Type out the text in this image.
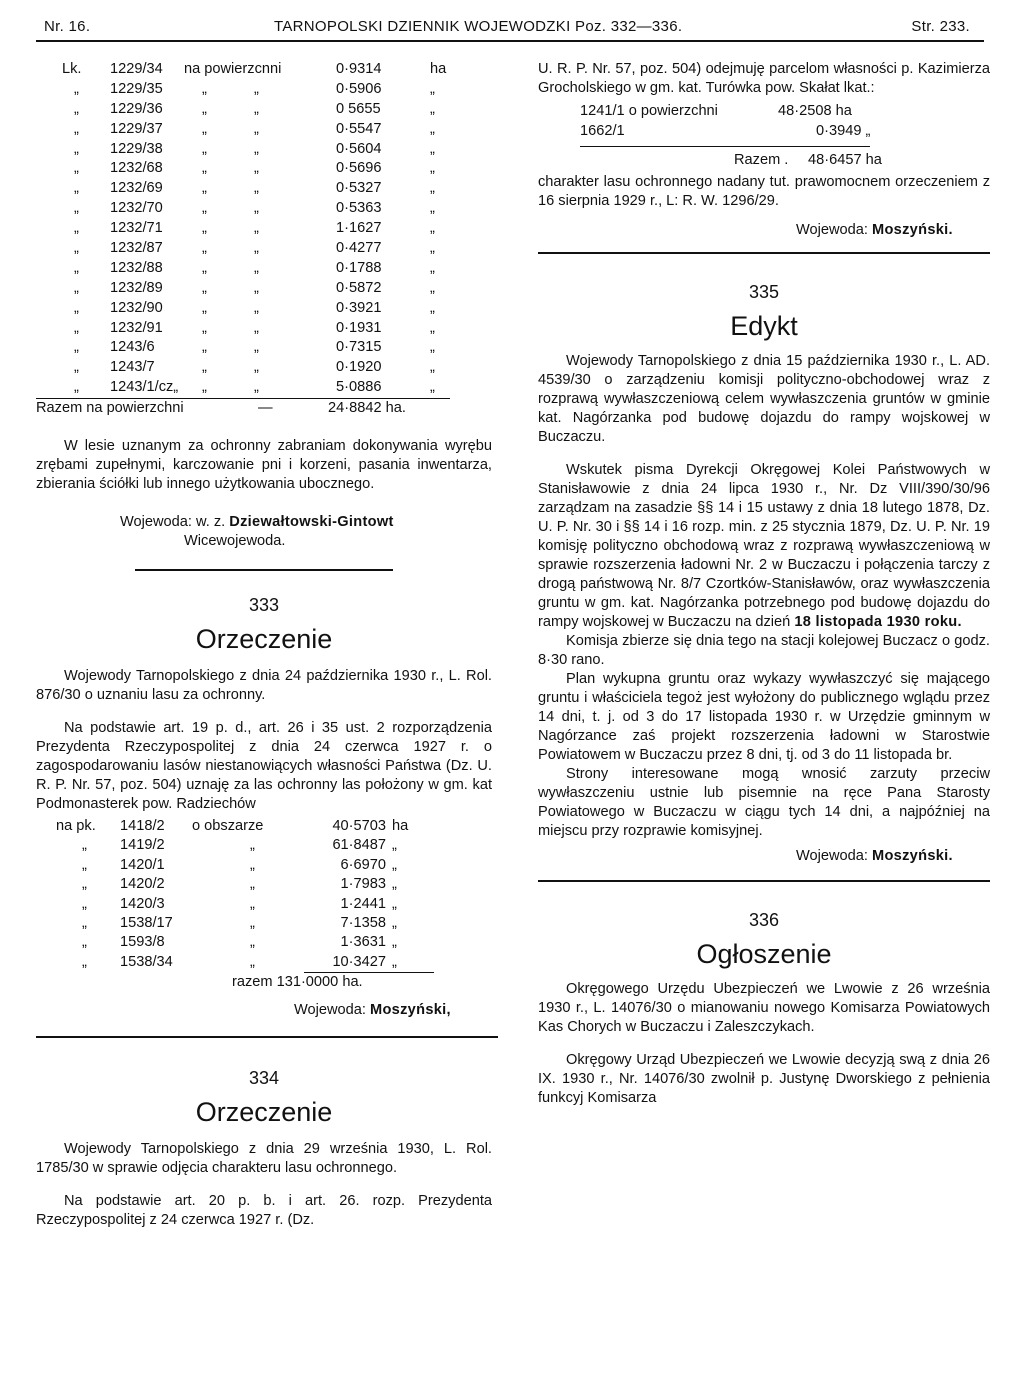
Nr. 16.	TARNOPOLSKI DZIENNIK WOJEWODZKI Poz. 332—336.	Str. 233.
Lk. 1229/34 na powierzcnni	0·9314	ha
„ 1229/35	„	„	0·5906	„
„ 1229/36	„	„	0 5655	„
„ 1229/37	„	„	0·5547	„
„ 1229/38	„	„	0·5604	„
„ 1232/68	„	„	0·5696	„
„ 1232/69	„	„	0·5327	„
„ 1232/70	„	„	0·5363	„
„ 1232/71	„	„	1·1627	„
„ 1232/87	„	„	0·4277	„
„ 1232/88	„	„	0·1788	„
„ 1232/89	„	„	0·5872	„
„ 1232/90	„	„	0·3921	„
„ 1232/91	„	„	0·1931	„
„ 1243/6	„	„	0·7315	„
„ 1243/7	„	„	0·1920	„
„ 1243/1/cz„ „	„	5·0886	„
Razem na powierzchni	—	24·8842 ha.

W lesie uznanym za ochronny zabraniam dokonywania wyrębu zrębami zupełnymi, karczowanie pni i korzeni, pasania inwentarza, zbierania ściółki lub innego użytkowania ubocznego.

Wojewoda: w. z. Dziewałtowski-Gintowt

Wicewojewoda.

333

Orzeczenie

Wojewody Tarnopolskiego z dnia 24 października 1930 r., L. Rol. 876/30 o uznaniu lasu za ochronny.

Na podstawie art. 19 p. d., art. 26 i 35 ust. 2 rozporządzenia Prezydenta Rzeczypospolitej z dnia 24 czerwca 1927 r. o zagospodarowaniu lasów niestanowiących własności Państwa (Dz. U. R. P. Nr. 57, poz. 504) uznaję za las ochronny las położony w gm. kat Podmonasterek pow. Radziechów

na pk. 1418/2 o obszarze	40·5703 ha
„ 1419/2	„	61·8487 „
„ 1420/1	„	6·6970 „
„ 1420/2	„	1·7983 „
„ 1420/3	„	1·2441 „
„ 1538/17	„	7·1358 „
„ 1593/8	„	1·3631 „
„ 1538/34	„	10·3427 „
razem 131·0000 ha.

Wojewoda: Moszyński,

334

Orzeczenie

Wojewody Tarnopolskiego z dnia 29 września 1930, L. Rol. 1785/30 w sprawie odjęcia charakteru lasu ochronnego.

Na podstawie art. 20 p. b. i art. 26. rozp. Prezydenta Rzeczypospolitej z 24 czerwca 1927 r. (Dz.

U. R. P. Nr. 57, poz. 504) odejmuję parcelom własności p. Kazimierza Grocholskiego w gm. kat. Turówka pow. Skałat lkat.:

1241/1 o powierzchni	48·2508 ha
1662/1	0·3949 „
Razem . 48·6457 ha

charakter lasu ochronnego nadany tut. prawomocnem orzeczeniem z 16 sierpnia 1929 r., L: R. W. 1296/29.

Wojewoda: Moszyński.

335

Edykt

Wojewody Tarnopolskiego z dnia 15 października 1930 r., L. AD. 4539/30 o zarządzeniu komisji polityczno-obchodowej wraz z rozprawą wywłaszczeniową celem wywłaszczenia gruntów w gminie kat. Nagórzanka pod budowę dojazdu do rampy wojskowej w Buczaczu.

Wskutek pisma Dyrekcji Okręgowej Kolei Państwowych w Stanisławowie z dnia 24 lipca 1930 r., Nr. Dz VIII/390/30/96 zarządzam na zasadzie §§ 14 i 15 ustawy z dnia 18 lutego 1878, Dz. U. P. Nr. 30 i §§ 14 i 16 rozp. min. z 25 stycznia 1879, Dz. U. P. Nr. 19 komisję polityczno obchodową wraz z rozprawą wywłaszczeniową w sprawie rozszerzenia ładowni Nr. 2 w Buczaczu i połączenia tarczy z drogą państwową Nr. 8/7 Czortków-Stanisławów, oraz wywłaszczenia gruntu w gm. kat. Nagórzanka potrzebnego pod budowę dojazdu do rampy wojskowej w Buczaczu na dzień 18 listopada 1930 roku.

Komisja zbierze się dnia tego na stacji kolejowej Buczacz o godz. 8·30 rano.

Plan wykupna gruntu oraz wykazy wywłaszczyć się mającego gruntu i właściciela tegoż jest wyłożony do publicznego wglądu przez 14 dni, t. j. od 3 do 17 listopada 1930 r. w Urzędzie gminnym w Nagórzance zaś projekt rozszerzenia ładowni w Starostwie Powiatowem w Buczaczu przez 8 dni, tj. od 3 do 11 listopada br.

Strony interesowane mogą wnosić zarzuty przeciw wywłaszczeniu ustnie lub pisemnie na ręce Pana Starosty Powiatowego w Buczaczu w ciągu tych 14 dni, a najpóźniej na miejscu przy rozprawie komisyjnej.

Wojewoda: Moszyński.

336

Ogłoszenie

Okręgowego Urzędu Ubezpieczeń we Lwowie z 26 września 1930 r., L. 14076/30 o mianowaniu nowego Komisarza Powiatowych Kas Chorych w Buczaczu i Zaleszczykach.

Okręgowy Urząd Ubezpieczeń we Lwowie decyzją swą z dnia 26 IX. 1930 r., Nr. 14076/30 zwolnił p. Justynę Dworskiego z pełnienia funkcyj Komisarza
